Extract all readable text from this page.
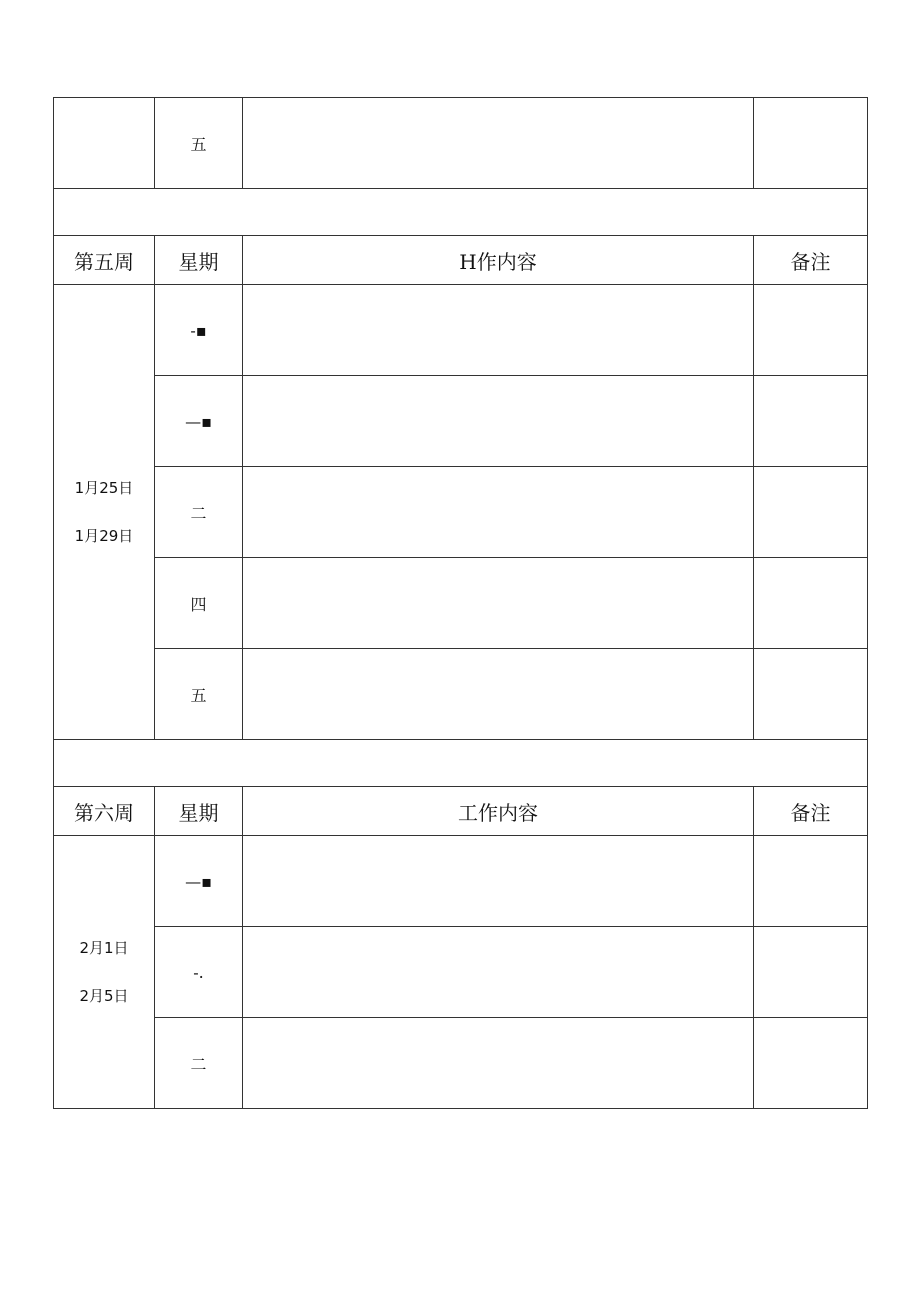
	五		

第五周	星期	H作内容	备注

1月25日
1月29日	-▪		
	—▪		
	二		
	四		
	五		

第六周	星期	工作内容	备注

2月1日
2月5日	—▪		
	-.		
	二		
